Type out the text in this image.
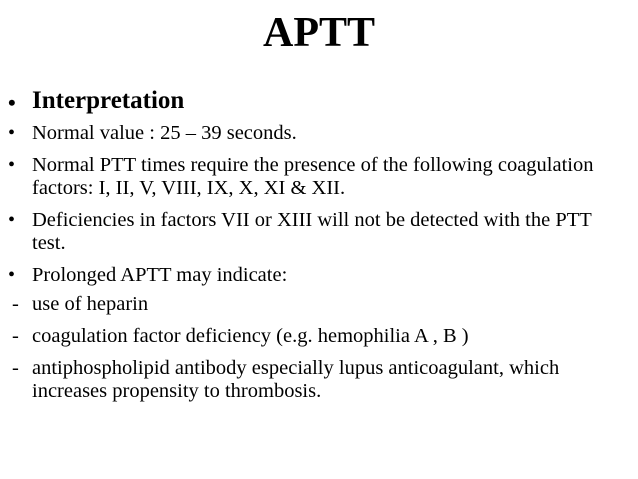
APTT
• Interpretation
• Normal value : 25 – 39 seconds.
• Normal PTT times require the presence of the following coagulation factors: I, II, V, VIII, IX, X, XI & XII.
• Deficiencies in factors VII or XIII will not be detected with the PTT test.
• Prolonged APTT may indicate:
- use of heparin
- coagulation factor deficiency (e.g. hemophilia A , B )
- antiphospholipid antibody especially lupus anticoagulant, which increases propensity to thrombosis.
